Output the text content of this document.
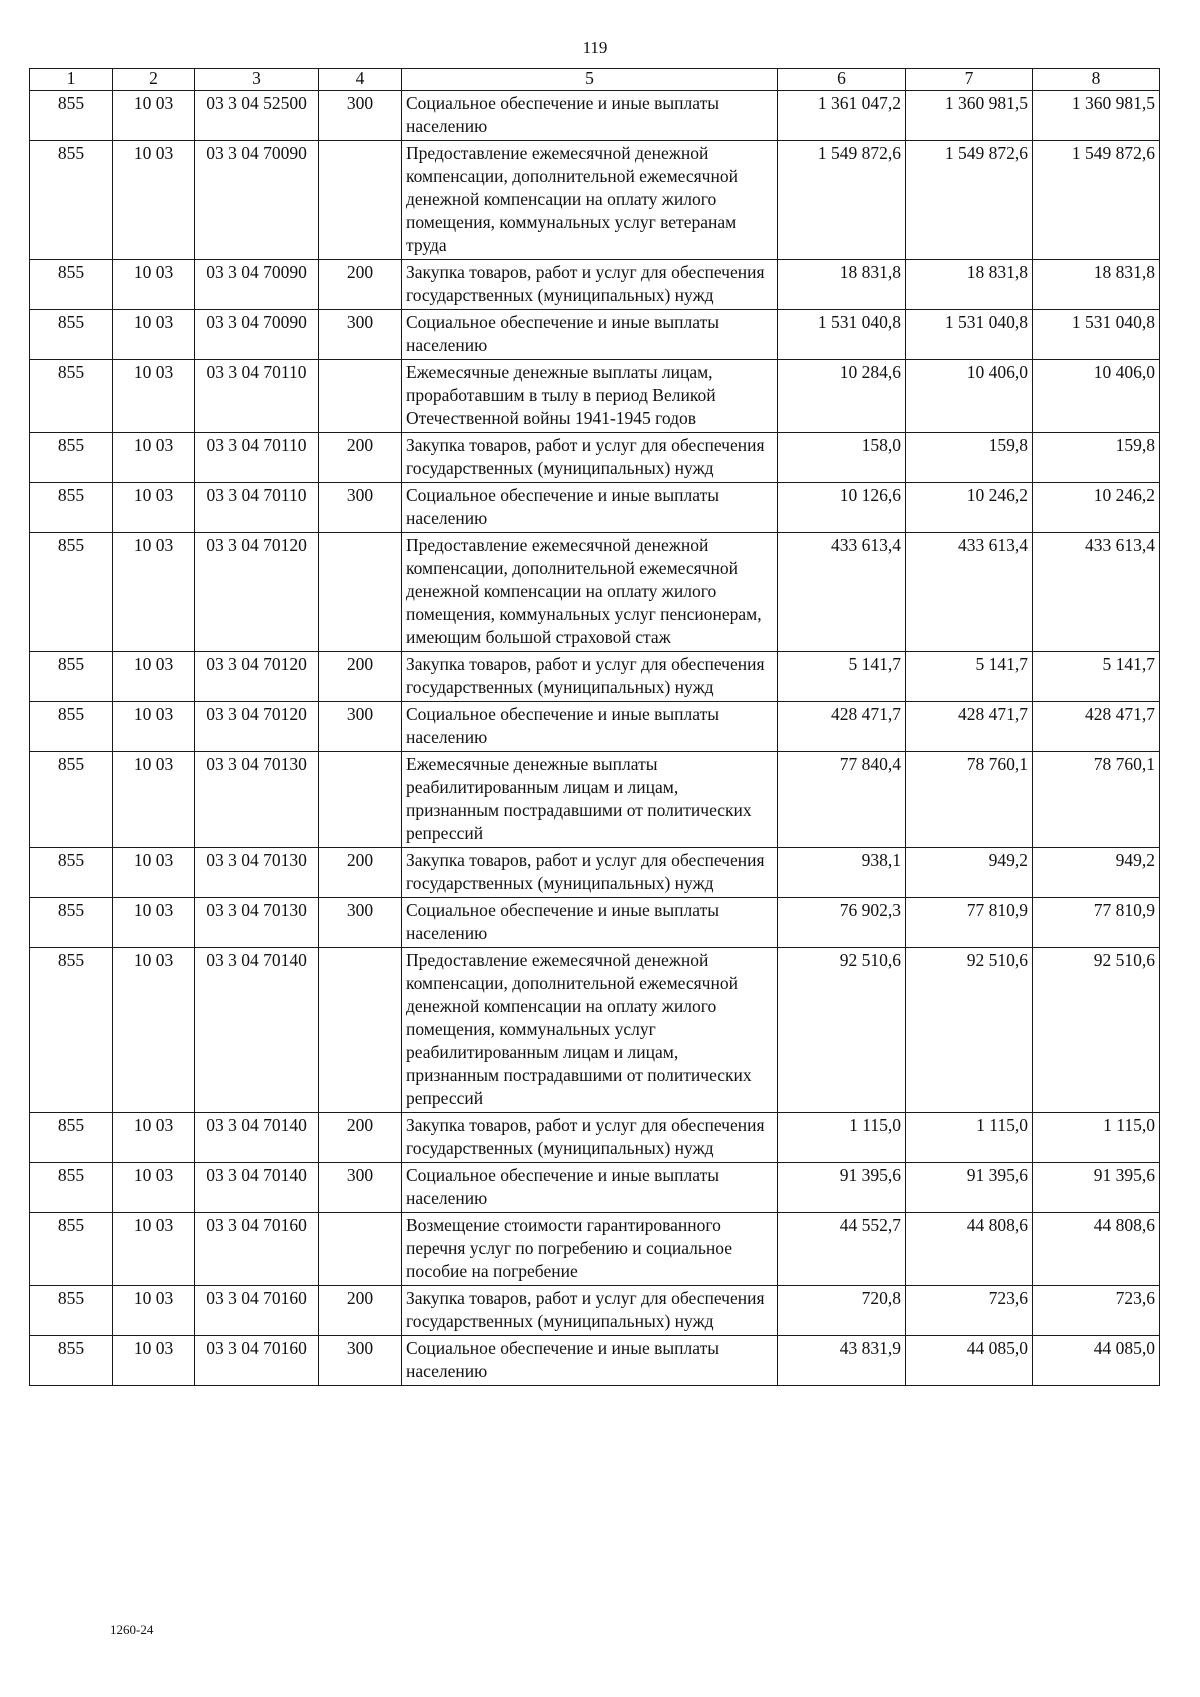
119
1	2	3	4	5	6	7	8
855	10 03	03 3 04 52500	300	Социальное обеспечение и иные выплаты населению	1 361 047,2	1 360 981,5	1 360 981,5
855	10 03	03 3 04 70090		Предоставление ежемесячной денежной компенсации, дополнительной ежемесячной денежной компенсации на оплату жилого помещения, коммунальных услуг ветеранам труда	1 549 872,6	1 549 872,6	1 549 872,6
855	10 03	03 3 04 70090	200	Закупка товаров, работ и услуг для обеспечения государственных (муниципальных) нужд	18 831,8	18 831,8	18 831,8
855	10 03	03 3 04 70090	300	Социальное обеспечение и иные выплаты населению	1 531 040,8	1 531 040,8	1 531 040,8
855	10 03	03 3 04 70110		Ежемесячные денежные выплаты лицам, проработавшим в тылу в период Великой Отечественной войны 1941-1945 годов	10 284,6	10 406,0	10 406,0
855	10 03	03 3 04 70110	200	Закупка товаров, работ и услуг для обеспечения государственных (муниципальных) нужд	158,0	159,8	159,8
855	10 03	03 3 04 70110	300	Социальное обеспечение и иные выплаты населению	10 126,6	10 246,2	10 246,2
855	10 03	03 3 04 70120		Предоставление ежемесячной денежной компенсации, дополнительной ежемесячной денежной компенсации на оплату жилого помещения, коммунальных услуг пенсионерам, имеющим большой страховой стаж	433 613,4	433 613,4	433 613,4
855	10 03	03 3 04 70120	200	Закупка товаров, работ и услуг для обеспечения государственных (муниципальных) нужд	5 141,7	5 141,7	5 141,7
855	10 03	03 3 04 70120	300	Социальное обеспечение и иные выплаты населению	428 471,7	428 471,7	428 471,7
855	10 03	03 3 04 70130		Ежемесячные денежные выплаты реабилитированным лицам и лицам, признанным пострадавшими от политических репрессий	77 840,4	78 760,1	78 760,1
855	10 03	03 3 04 70130	200	Закупка товаров, работ и услуг для обеспечения государственных (муниципальных) нужд	938,1	949,2	949,2
855	10 03	03 3 04 70130	300	Социальное обеспечение и иные выплаты населению	76 902,3	77 810,9	77 810,9
855	10 03	03 3 04 70140		Предоставление ежемесячной денежной компенсации, дополнительной ежемесячной денежной компенсации на оплату жилого помещения, коммунальных услуг реабилитированным лицам и лицам, признанным пострадавшими от политических репрессий	92 510,6	92 510,6	92 510,6
855	10 03	03 3 04 70140	200	Закупка товаров, работ и услуг для обеспечения государственных (муниципальных) нужд	1 115,0	1 115,0	1 115,0
855	10 03	03 3 04 70140	300	Социальное обеспечение и иные выплаты населению	91 395,6	91 395,6	91 395,6
855	10 03	03 3 04 70160		Возмещение стоимости гарантированного перечня услуг по погребению и социальное пособие на погребение	44 552,7	44 808,6	44 808,6
855	10 03	03 3 04 70160	200	Закупка товаров, работ и услуг для обеспечения государственных (муниципальных) нужд	720,8	723,6	723,6
855	10 03	03 3 04 70160	300	Социальное обеспечение и иные выплаты населению	43 831,9	44 085,0	44 085,0
1260-24
